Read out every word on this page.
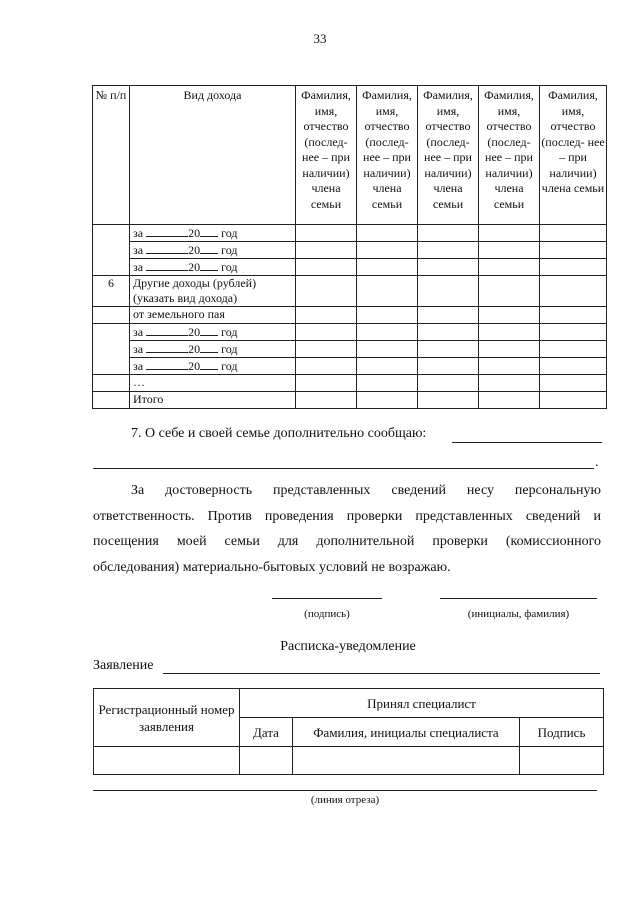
33
№ п/п	Вид дохода	Фамилия, имя, отчество (послед- нее – при наличии) члена семьи	Фамилия, имя, отчество (послед- нее – при наличии) члена семьи	Фамилия, имя, отчество (послед- нее – при наличии) члена семьи	Фамилия, имя, отчество (послед- нее – при наличии) члена семьи	Фамилия, имя, отчество (послед- нее – при наличии) члена семьи
	за 20 год					
	за 20 год					
	за 20 год					
6	Другие доходы (рублей) (указать вид дохода)					
	от земельного пая					
	за 20 год					
	за 20 год					
	за 20 год					
	…					
	Итого					
7. О себе и своей семье дополнительно сообщаю:
.
За достоверность представленных сведений несу персональную ответственность. Против проведения проверки представленных сведений и посещения моей семьи для дополнительной проверки (комиссионного обследования) материально-бытовых условий не возражаю.
(подпись)	(инициалы, фамилия)
Расписка-уведомление
Заявление
Регистрационный номер заявления	Принял специалист		
	Дата	Фамилия, инициалы специалиста	Подпись

(линия отреза)
